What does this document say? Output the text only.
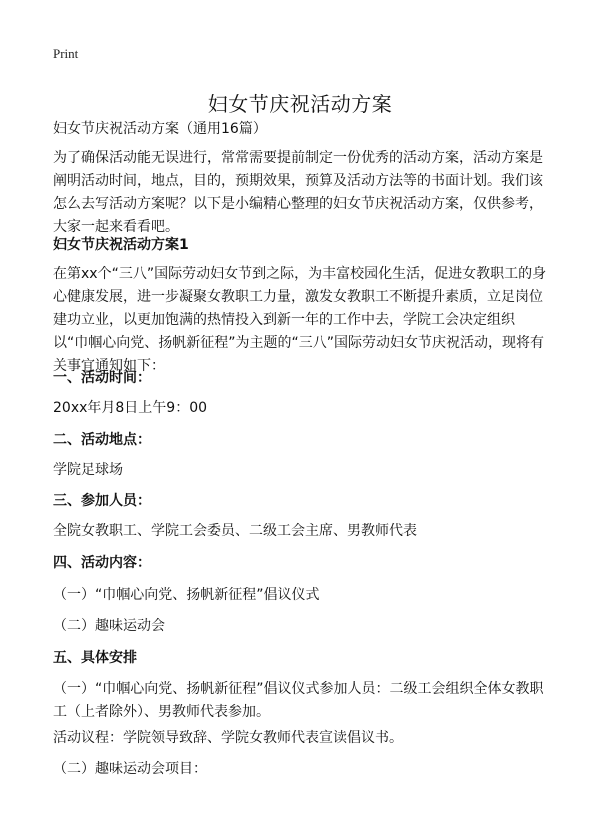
Print
妇女节庆祝活动方案

妇女节庆祝活动方案（通用16篇）

为了确保活动能无误进行，常常需要提前制定一份优秀的活动方案，活动方案是阐明活动时间，地点，目的，预期效果，预算及活动方法等的书面计划。我们该怎么去写活动方案呢？以下是小编精心整理的妇女节庆祝活动方案，仅供参考，大家一起来看看吧。

妇女节庆祝活动方案1

在第xx个“三八”国际劳动妇女节到之际，为丰富校园化生活，促进女教职工的身心健康发展，进一步凝聚女教职工力量，激发女教职工不断提升素质，立足岗位建功立业，以更加饱满的热情投入到新一年的工作中去，学院工会决定组织以“巾帼心向党、扬帆新征程”为主题的“三八”国际劳动妇女节庆祝活动，现将有关事宜通知如下：

一、活动时间：

20xx年月8日上午9：00

二、活动地点：

学院足球场

三、参加人员：

全院女教职工、学院工会委员、二级工会主席、男教师代表

四、活动内容：

（一）“巾帼心向党、扬帆新征程”倡议仪式

（二）趣味运动会

五、具体安排

（一）“巾帼心向党、扬帆新征程”倡议仪式参加人员：二级工会组织全体女教职工（上者除外）、男教师代表参加。

活动议程：学院领导致辞、学院女教师代表宣读倡议书。

（二）趣味运动会项目：
